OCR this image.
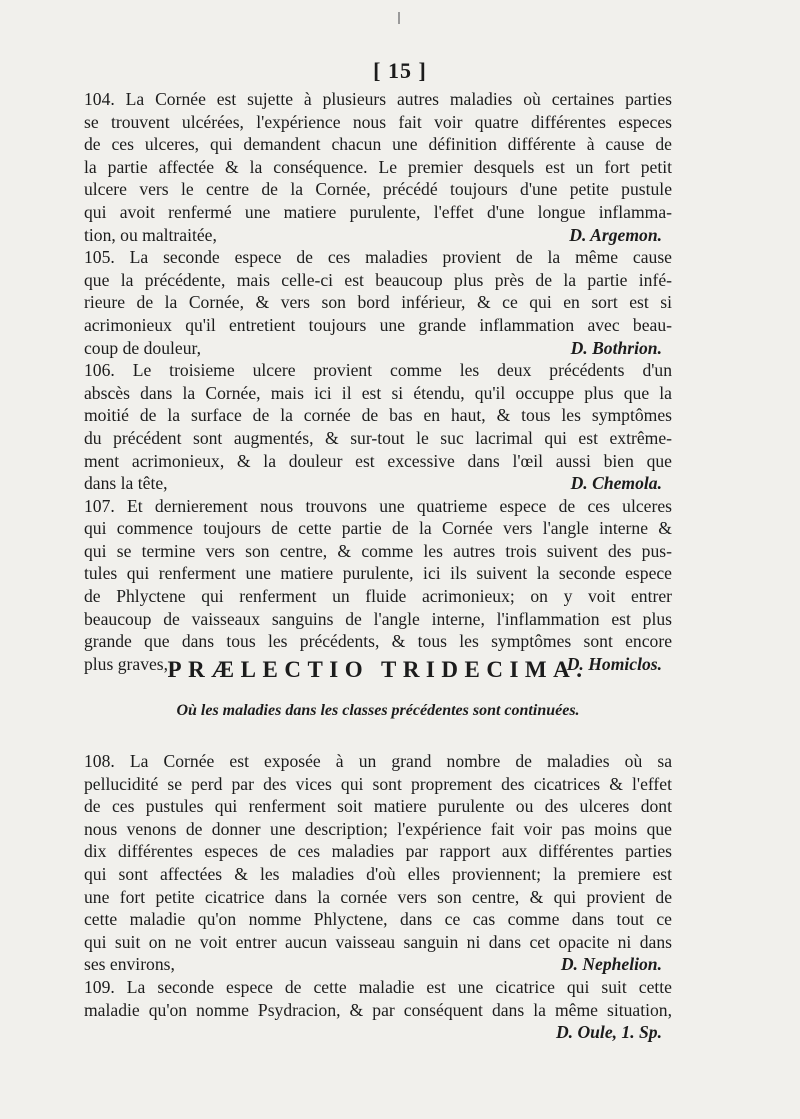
[ 15 ]
104. La Cornée est sujette à plusieurs autres maladies où certaines parties
se trouvent ulcérées, l'expérience nous fait voir quatre différentes especes
de ces ulceres, qui demandent chacun une définition différente à cause de
la partie affectée & la conséquence. Le premier desquels est un fort petit
ulcere vers le centre de la Cornée, précédé toujours d'une petite pustule
qui avoit renfermé une matiere purulente, l'effet d'une longue inflamma-
tion, ou maltraitée,	D. Argemon.
105. La seconde espece de ces maladies provient de la même cause
que la précédente, mais celle-ci est beaucoup plus près de la partie infé-
rieure de la Cornée, & vers son bord inférieur, & ce qui en sort est si
acrimonieux qu'il entretient toujours une grande inflammation avec beau-
coup de douleur,	D. Bothrion.
106. Le troisieme ulcere provient comme les deux précédents d'un
abscès dans la Cornée, mais ici il est si étendu, qu'il occuppe plus que la
moitié de la surface de la cornée de bas en haut, & tous les symptômes
du précédent sont augmentés, & sur-tout le suc lacrimal qui est extrême-
ment acrimonieux, & la douleur est excessive dans l'œil aussi bien que
dans la tête,	D. Chemola.
107. Et dernierement nous trouvons une quatrieme espece de ces ulceres
qui commence toujours de cette partie de la Cornée vers l'angle interne &
qui se termine vers son centre, & comme les autres trois suivent des pus-
tules qui renferment une matiere purulente, ici ils suivent la seconde espece
de Phlyctene qui renferment un fluide acrimonieux; on y voit entrer
beaucoup de vaisseaux sanguins de l'angle interne, l'inflammation est plus
grande que dans tous les précédents, & tous les symptômes sont encore
plus graves,	D. Homiclos.
PRÆLECTIO TRIDECIMA.
Où les maladies dans les classes précédentes sont continuées.
108. La Cornée est exposée à un grand nombre de maladies où sa
pellucidité se perd par des vices qui sont proprement des cicatrices & l'effet
de ces pustules qui renferment soit matiere purulente ou des ulceres dont
nous venons de donner une description; l'expérience fait voir pas moins que
dix différentes especes de ces maladies par rapport aux différentes parties
qui sont affectées & les maladies d'où elles proviennent; la premiere est
une fort petite cicatrice dans la cornée vers son centre, & qui provient de
cette maladie qu'on nomme Phlyctene, dans ce cas comme dans tout ce
qui suit on ne voit entrer aucun vaisseau sanguin ni dans cet opacite ni dans
ses environs,	D. Nephelion.
109. La seconde espece de cette maladie est une cicatrice qui suit cette
maladie qu'on nomme Psydracion, & par conséquent dans la même situation,
D. Oule, 1. Sp.
